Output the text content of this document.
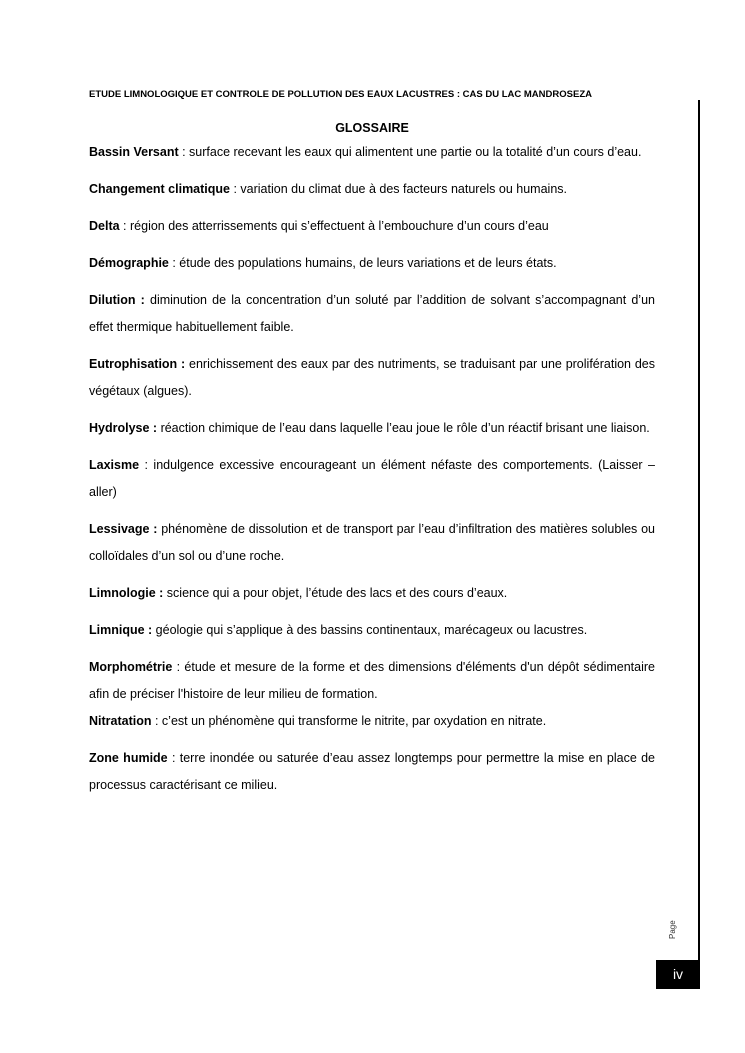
ETUDE LIMNOLOGIQUE ET CONTROLE DE POLLUTION DES EAUX LACUSTRES : CAS DU LAC MANDROSEZA
GLOSSAIRE

Bassin Versant : surface recevant les eaux qui alimentent une partie ou la totalité d’un cours d’eau.

Changement climatique : variation du climat due à des facteurs naturels ou humains.

Delta : région des atterrissements qui s’effectuent à l’embouchure d’un cours d’eau

Démographie : étude des populations humains, de leurs variations et de leurs états.

Dilution : diminution de la concentration d’un soluté par l’addition de solvant s’accompagnant d’un effet thermique habituellement faible.

Eutrophisation : enrichissement des eaux par des nutriments, se traduisant par une prolifération des végétaux (algues).

Hydrolyse : réaction chimique de l’eau dans laquelle l’eau joue le rôle d’un réactif brisant une liaison.

Laxisme : indulgence excessive encourageant un élément néfaste des comportements. (Laisser – aller)

Lessivage : phénomène de dissolution et de transport par l’eau d’infiltration des matières solubles ou colloïdales d’un sol ou d’une roche.

Limnologie : science qui a pour objet, l’étude des lacs et des cours d’eaux.

Limnique : géologie qui s’applique à des bassins continentaux, marécageux ou lacustres.

Morphométrie : étude et mesure de la forme et des dimensions d'éléments d'un dépôt sédimentaire afin de préciser l'histoire de leur milieu de formation.

Nitratation : c’est un phénomène qui transforme le nitrite, par oxydation en nitrate.

Zone humide : terre inondée ou saturée d’eau assez longtemps pour permettre la mise en place de processus caractérisant ce milieu.

Page
iv
